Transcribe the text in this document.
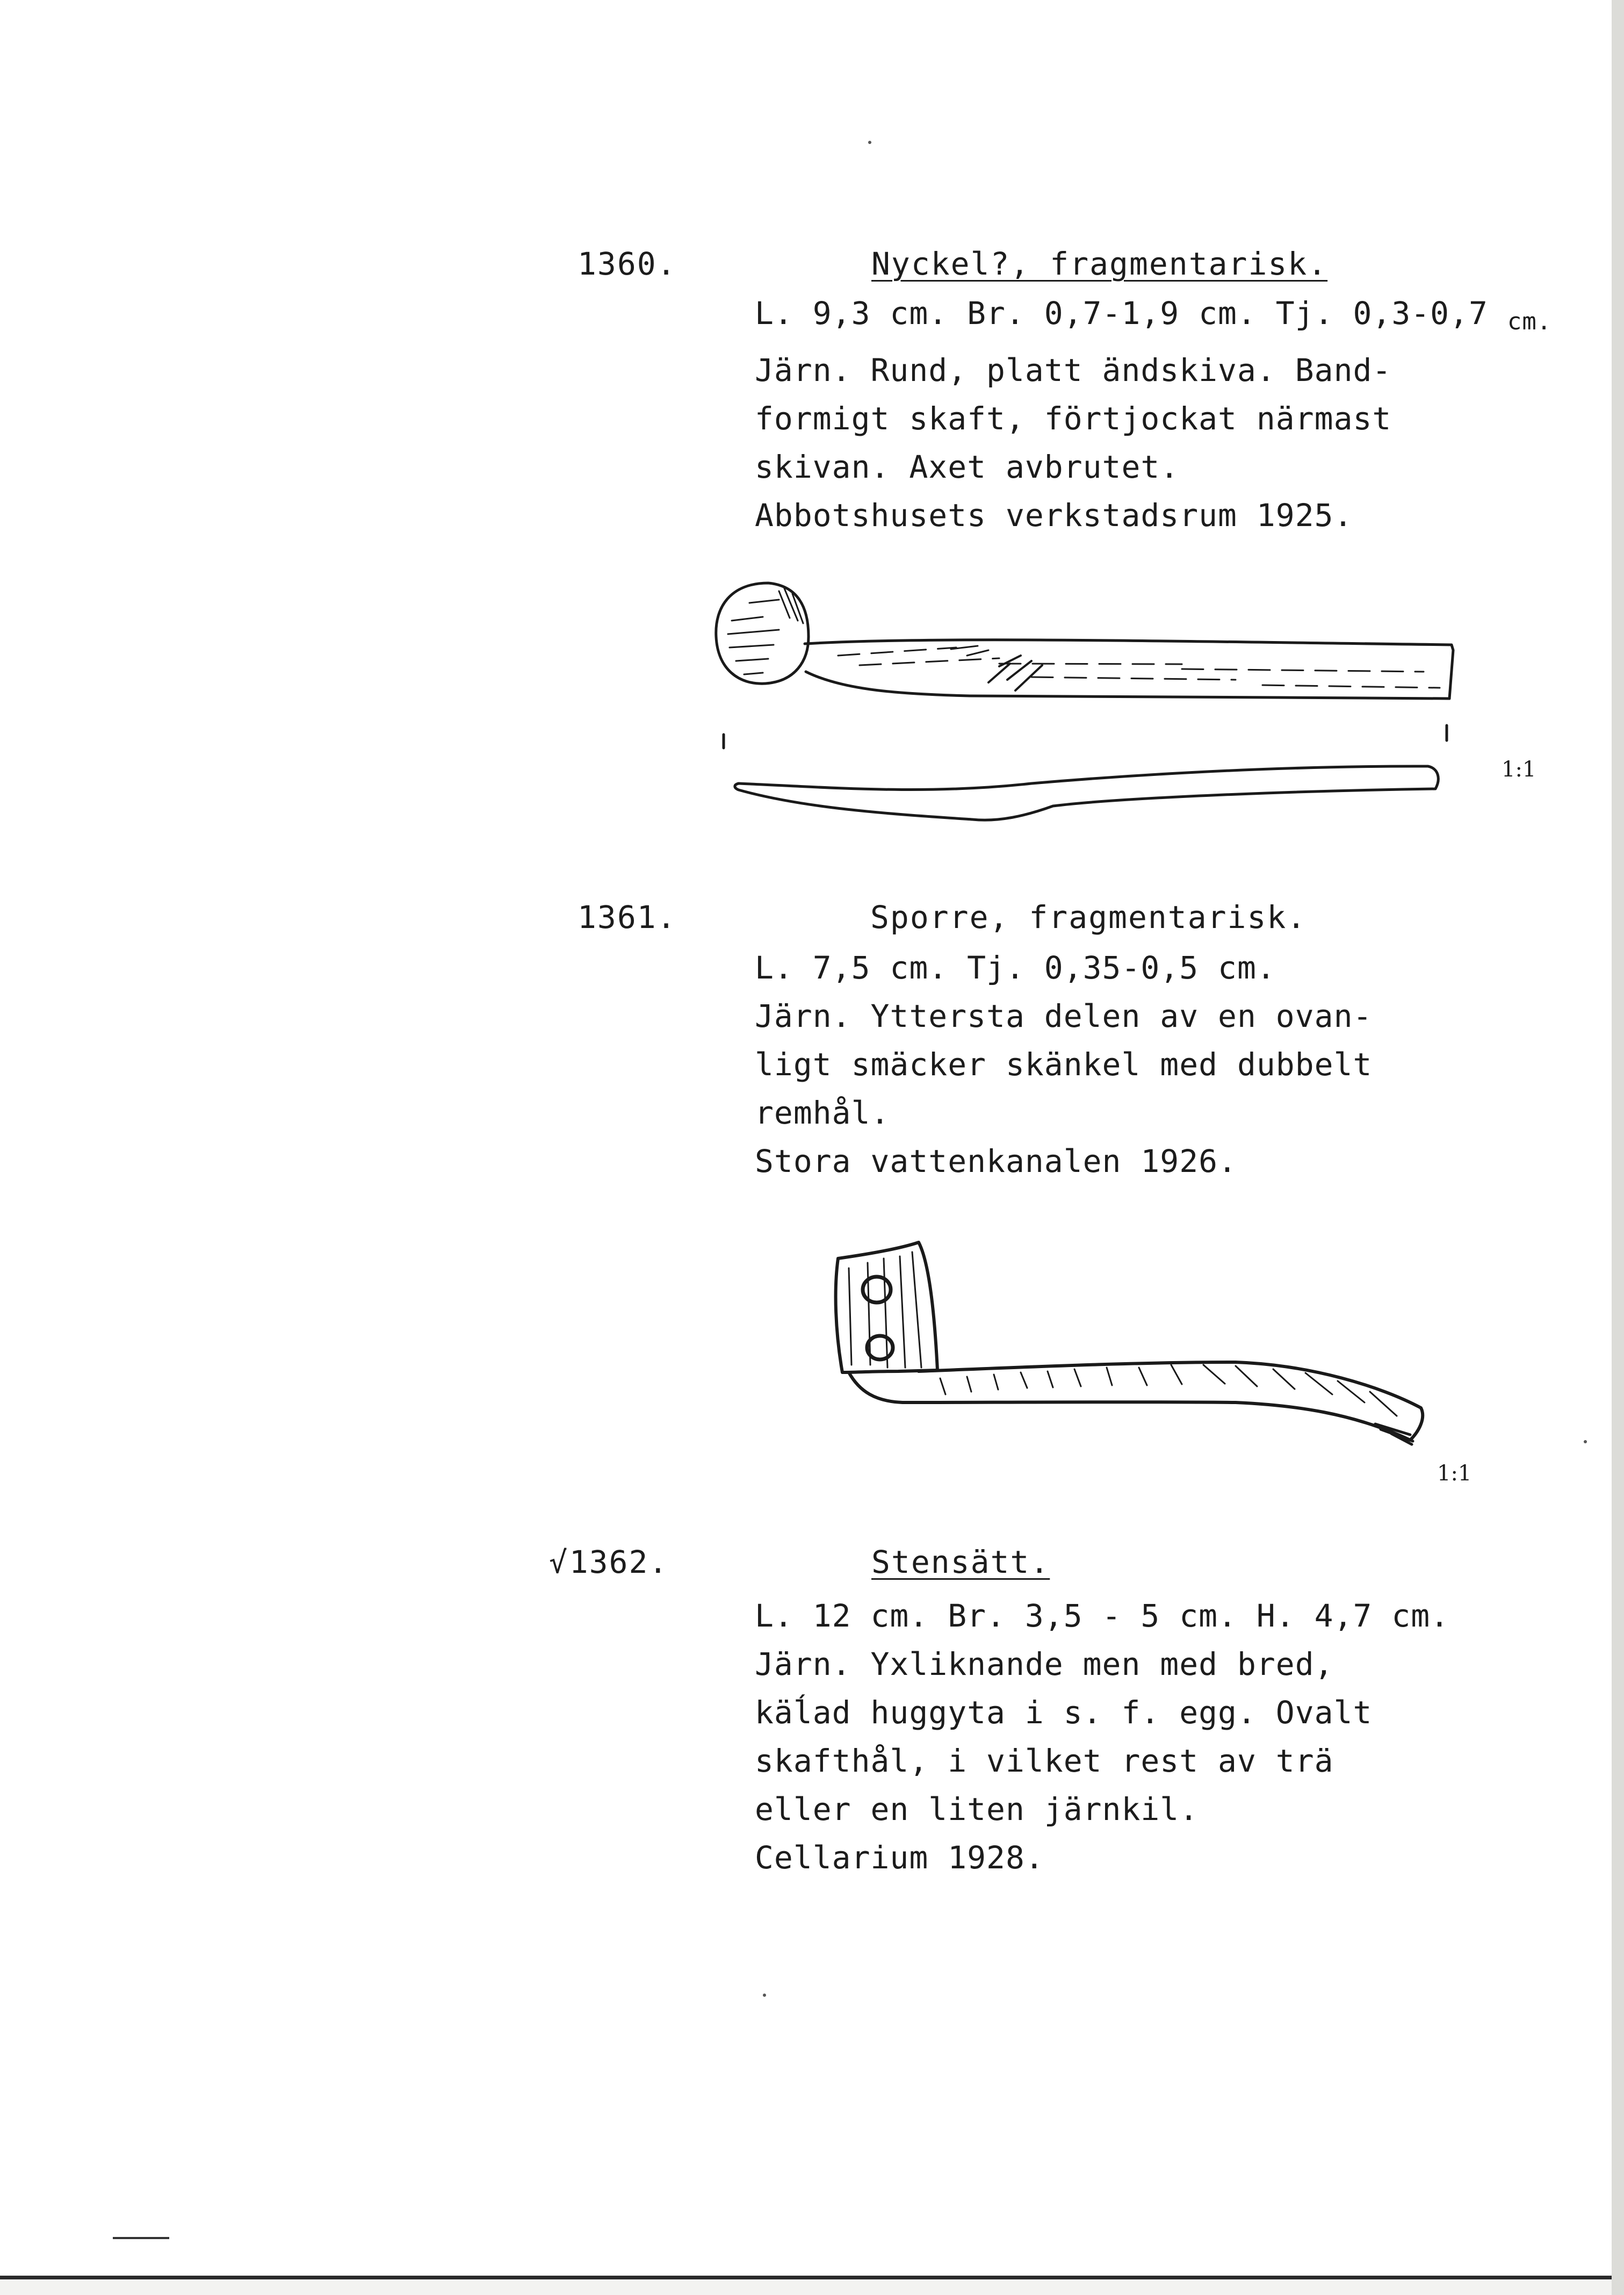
1360.	Nyckel?, fragmentarisk.
L. 9,3 cm. Br. 0,7-1,9 cm. Tj. 0,3-0,7 cm.
Järn. Rund, platt ändskiva. Band-
formigt skaft, förtjockat närmast
skivan. Axet avbrutet.
Abbotshusets verkstadsrum 1925.
1:1
1361.	Sporre, fragmentarisk.
L. 7,5 cm. Tj. 0,35-0,5 cm.
Järn. Yttersta delen av en ovan-
ligt smäcker skänkel med dubbelt
remhål.
Stora vattenkanalen 1926.
1:1
√1362.	Stensätt.
L. 12 cm. Br. 3,5 - 5 cm. H. 4,7 cm.
Järn. Yxliknande men med bred,
käĺad huggyta i s. f. egg. Ovalt
skafthål, i vilket rest av trä
eller en liten järnkil.
Cellarium 1928.
